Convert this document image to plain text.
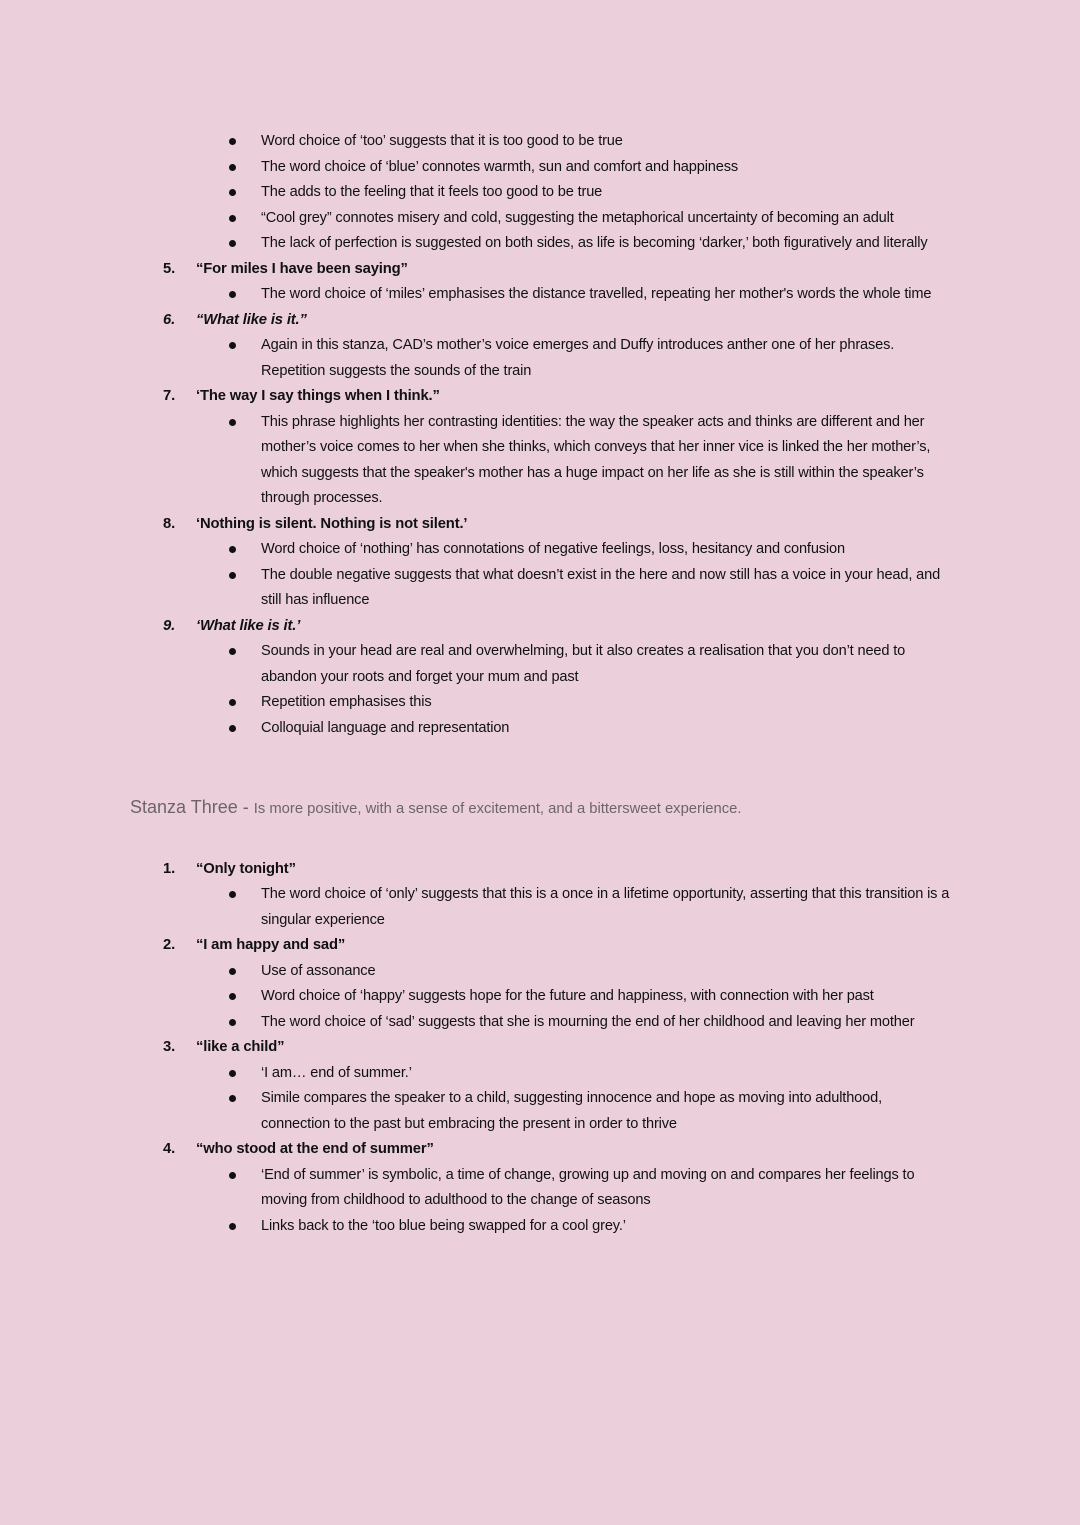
Word choice of ‘too’ suggests that it is too good to be true
The word choice of ‘blue’ connotes warmth, sun and comfort and happiness
The adds to the feeling that it feels too good to be true
“Cool grey” connotes misery and cold, suggesting the metaphorical uncertainty of becoming an adult
The lack of perfection is suggested on both sides, as life is becoming ‘darker,’ both figuratively and literally
5. “For miles I have been saying”
The word choice of ‘miles’ emphasises the distance travelled, repeating her mother's words the whole time
6. “What like is it.”
Again in this stanza, CAD’s mother’s voice emerges and Duffy introduces anther one of her phrases. Repetition suggests the sounds of the train
7. ‘The way I say things when I think.”
This phrase highlights her contrasting identities: the way the speaker acts and thinks are different and her mother’s voice comes to her when she thinks, which conveys that her inner vice is linked the her mother’s, which suggests that the speaker's mother has a huge impact on her life as she is still within the speaker’s through processes.
8. ‘Nothing is silent. Nothing is not silent.’
Word choice of ‘nothing’ has connotations of negative feelings, loss, hesitancy and confusion
The double negative suggests that what doesn’t exist in the here and now still has a voice in your head, and still has influence
9. ‘What like is it.’
Sounds in your head are real and overwhelming, but it also creates a realisation that you don’t need to abandon your roots and forget your mum and past
Repetition emphasises this
Colloquial language and representation
Stanza Three - Is more positive, with a sense of excitement, and a bittersweet experience.
1. “Only tonight”
The word choice of ‘only’ suggests that this is a once in a lifetime opportunity, asserting that this transition is a singular experience
2. “I am happy and sad”
Use of assonance
Word choice of ‘happy’ suggests hope for the future and happiness, with connection with her past
The word choice of ‘sad’ suggests that she is mourning the end of her childhood and leaving her mother
3. “like a child”
‘I am… end of summer.’
Simile compares the speaker to a child, suggesting innocence and hope as moving into adulthood, connection to the past but embracing the present in order to thrive
4. “who stood at the end of summer”
‘End of summer’ is symbolic, a time of change, growing up and moving on and compares her feelings to moving from childhood to adulthood to the change of seasons
Links back to the ‘too blue being swapped for a cool grey.’
